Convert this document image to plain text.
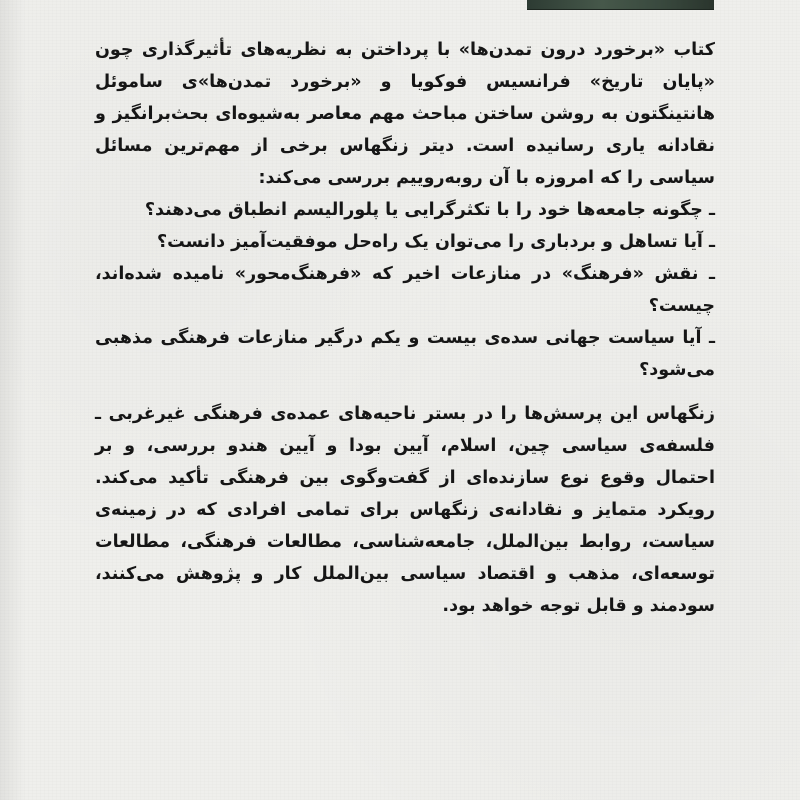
کتاب «برخورد درون تمدن‌ها» با پرداختن به نظریه‌های تأثیرگذاری چون «پایان تاریخ» فرانسیس فوکویا و «برخورد تمدن‌ها»ی ساموئل هانتینگتون به روشن ساختن مباحث مهم معاصر به‌شیوه‌ای بحث‌برانگیز و نقادانه یاری رسانیده است. دیتر زنگهاس برخی از مهم‌ترین مسائل سیاسی را که امروزه با آن روبه‌روییم بررسی می‌کند:

ـ چگونه جامعه‌ها خود را با تکثرگرایی یا پلورالیسم انطباق می‌دهند؟

ـ آیا تساهل و بردباری را می‌توان یک راه‌حل موفقیت‌آمیز دانست؟

ـ نقش «فرهنگ» در منازعات اخیر که «فرهنگ‌محور» نامیده شده‌اند، چیست؟

ـ آیا سیاست جهانی سده‌ی بیست و یکم درگیر منازعات فرهنگی مذهبی می‌شود؟

زنگهاس این پرسش‌ها را در بستر ناحیه‌های عمده‌ی فرهنگی غیرغربی ـ فلسفه‌ی سیاسی چین، اسلام، آیین بودا و آیین هندو بررسی، و بر احتمال وقوع نوع سازنده‌ای از گفت‌وگوی بین فرهنگی تأکید می‌کند. رویکرد متمایز و نقادانه‌ی زنگهاس برای تمامی افرادی که در زمینه‌ی سیاست، روابط بین‌الملل، جامعه‌شناسی، مطالعات فرهنگی، مطالعات توسعه‌ای، مذهب و اقتصاد سیاسی بین‌الملل کار و پژوهش می‌کنند، سودمند و قابل توجه خواهد بود.
